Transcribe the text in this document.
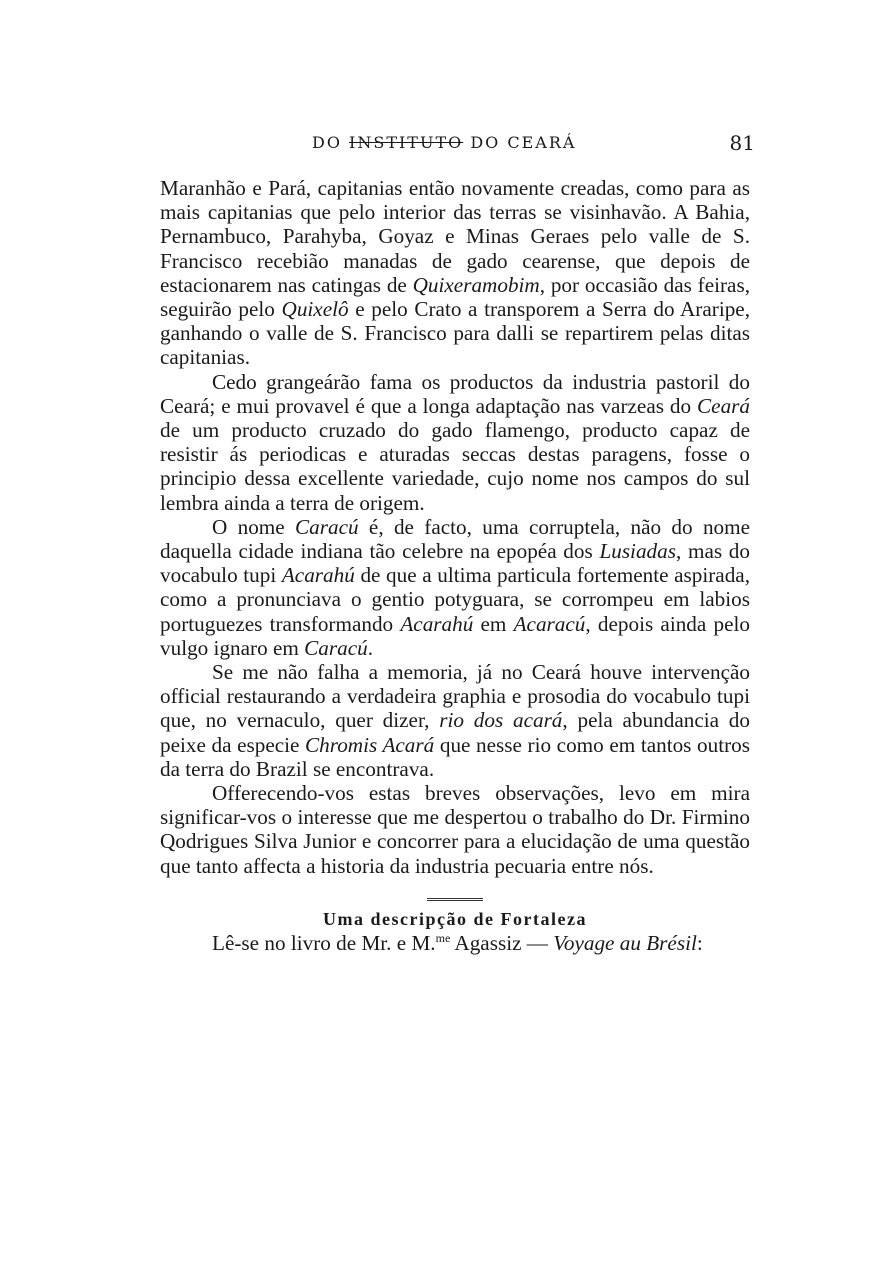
DO INSTITUTO DO CEARÁ	81

Maranhão e Pará, capitanias então novamente creadas, como para as mais capitanias que pelo interior das terras se visinhavão. A Bahia, Pernambuco, Parahyba, Goyaz e Minas Geraes pelo valle de S. Francisco recebião manadas de gado cearense, que depois de estacionarem nas catingas de Quixeramobim, por occasião das feiras, seguirão pelo Quixelô e pelo Crato a transporem a Serra do Araripe, ganhando o valle de S. Francisco para dalli se repartirem pelas ditas capitanias.

Cedo grangeárão fama os productos da industria pastoril do Ceará; e mui provavel é que a longa adaptação nas varzeas do Ceará de um producto cruzado do gado flamengo, producto capaz de resistir ás periodicas e aturadas seccas destas paragens, fosse o principio dessa excellente variedade, cujo nome nos campos do sul lembra ainda a terra de origem.

O nome Caracú é, de facto, uma corruptela, não do nome daquella cidade indiana tão celebre na epopéa dos Lusiadas, mas do vocabulo tupi Acarahú de que a ultima particula fortemente aspirada, como a pronunciava o gentio potyguara, se corrompeu em labios portuguezes transformando Acarahú em Acaracú, depois ainda pelo vulgo ignaro em Caracú.

Se me não falha a memoria, já no Ceará houve intervenção official restaurando a verdadeira graphia e prosodia do vocabulo tupi que, no vernaculo, quer dizer, rio dos acará, pela abundancia do peixe da especie Chromis Acará que nesse rio como em tantos outros da terra do Brazil se encontrava.

Offerecendo-vos estas breves observações, levo em mira significar-vos o interesse que me despertou o trabalho do Dr. Firmino Qodrigues Silva Junior e concorrer para a elucidação de uma questão que tanto affecta a historia da industria pecuaria entre nós.

Uma descripção de Fortaleza

Lê-se no livro de Mr. e M.$^{me}$ Agassiz — Voyage au Brésil:
